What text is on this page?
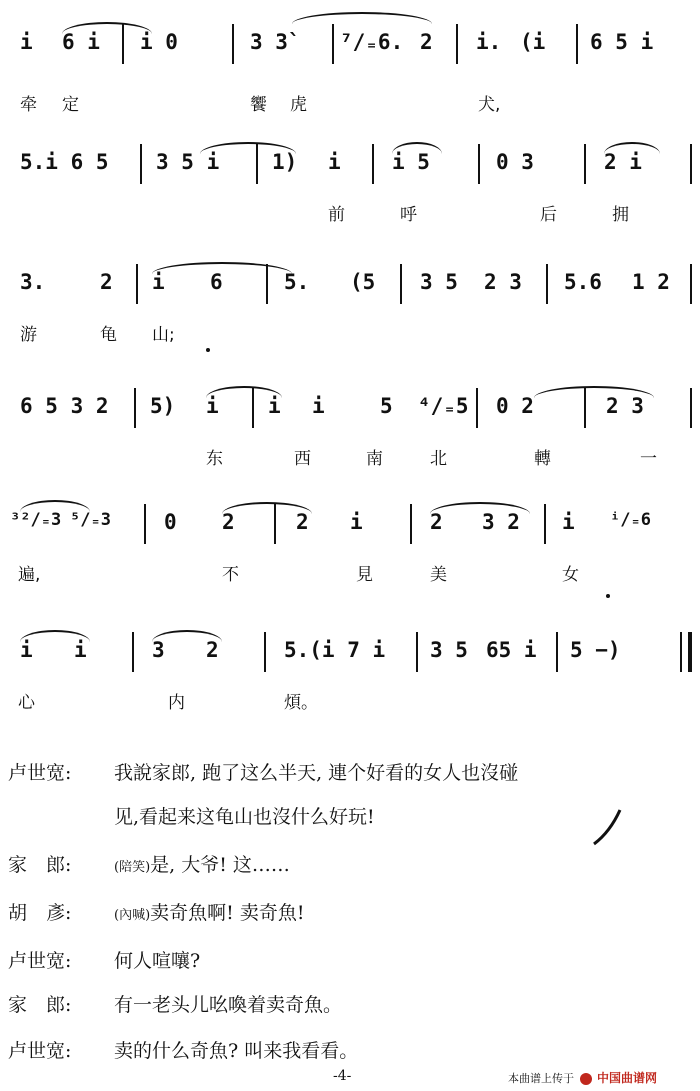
i 6 i i 0	3 3` ⁷/₌6. 2 i. (i 6 5 i
牵 定	饗 虎	犬,
5.i 6 5 3 5 i	1) i i 5	0 3	2 i
前	呼	后	拥
3.	2 i 6	5. (5 3 5 2 3 5.6 1 2
游	龟 山;
6 5 3 2 5) i i i	5 ⁴/₌5 0 2	2 3
东	西	南	北	轉	一
³²/₌3 ⁵/₌3	0 2	2 i	2 3 2 i ⁱ/₌6
遍,	不	見	美	女
i i	3 2	5.(i 7 i 3 5 65 i 5 −)
心	内	煩。
卢世宽: 我說家郎, 跑了这么半天, 連个好看的女人也沒碰
见,看起来这龟山也沒什么好玩!
家　郎:	(陪笑)是, 大爷! 这……
胡　彥:	(內喊)卖奇魚啊! 卖奇魚!
卢世宽: 何人喧嚷?
家　郎: 有一老头儿吆喚着卖奇魚。
卢世宽: 卖的什么奇魚? 叫来我看看。
-4-	本曲谱上传于 中国曲谱网
